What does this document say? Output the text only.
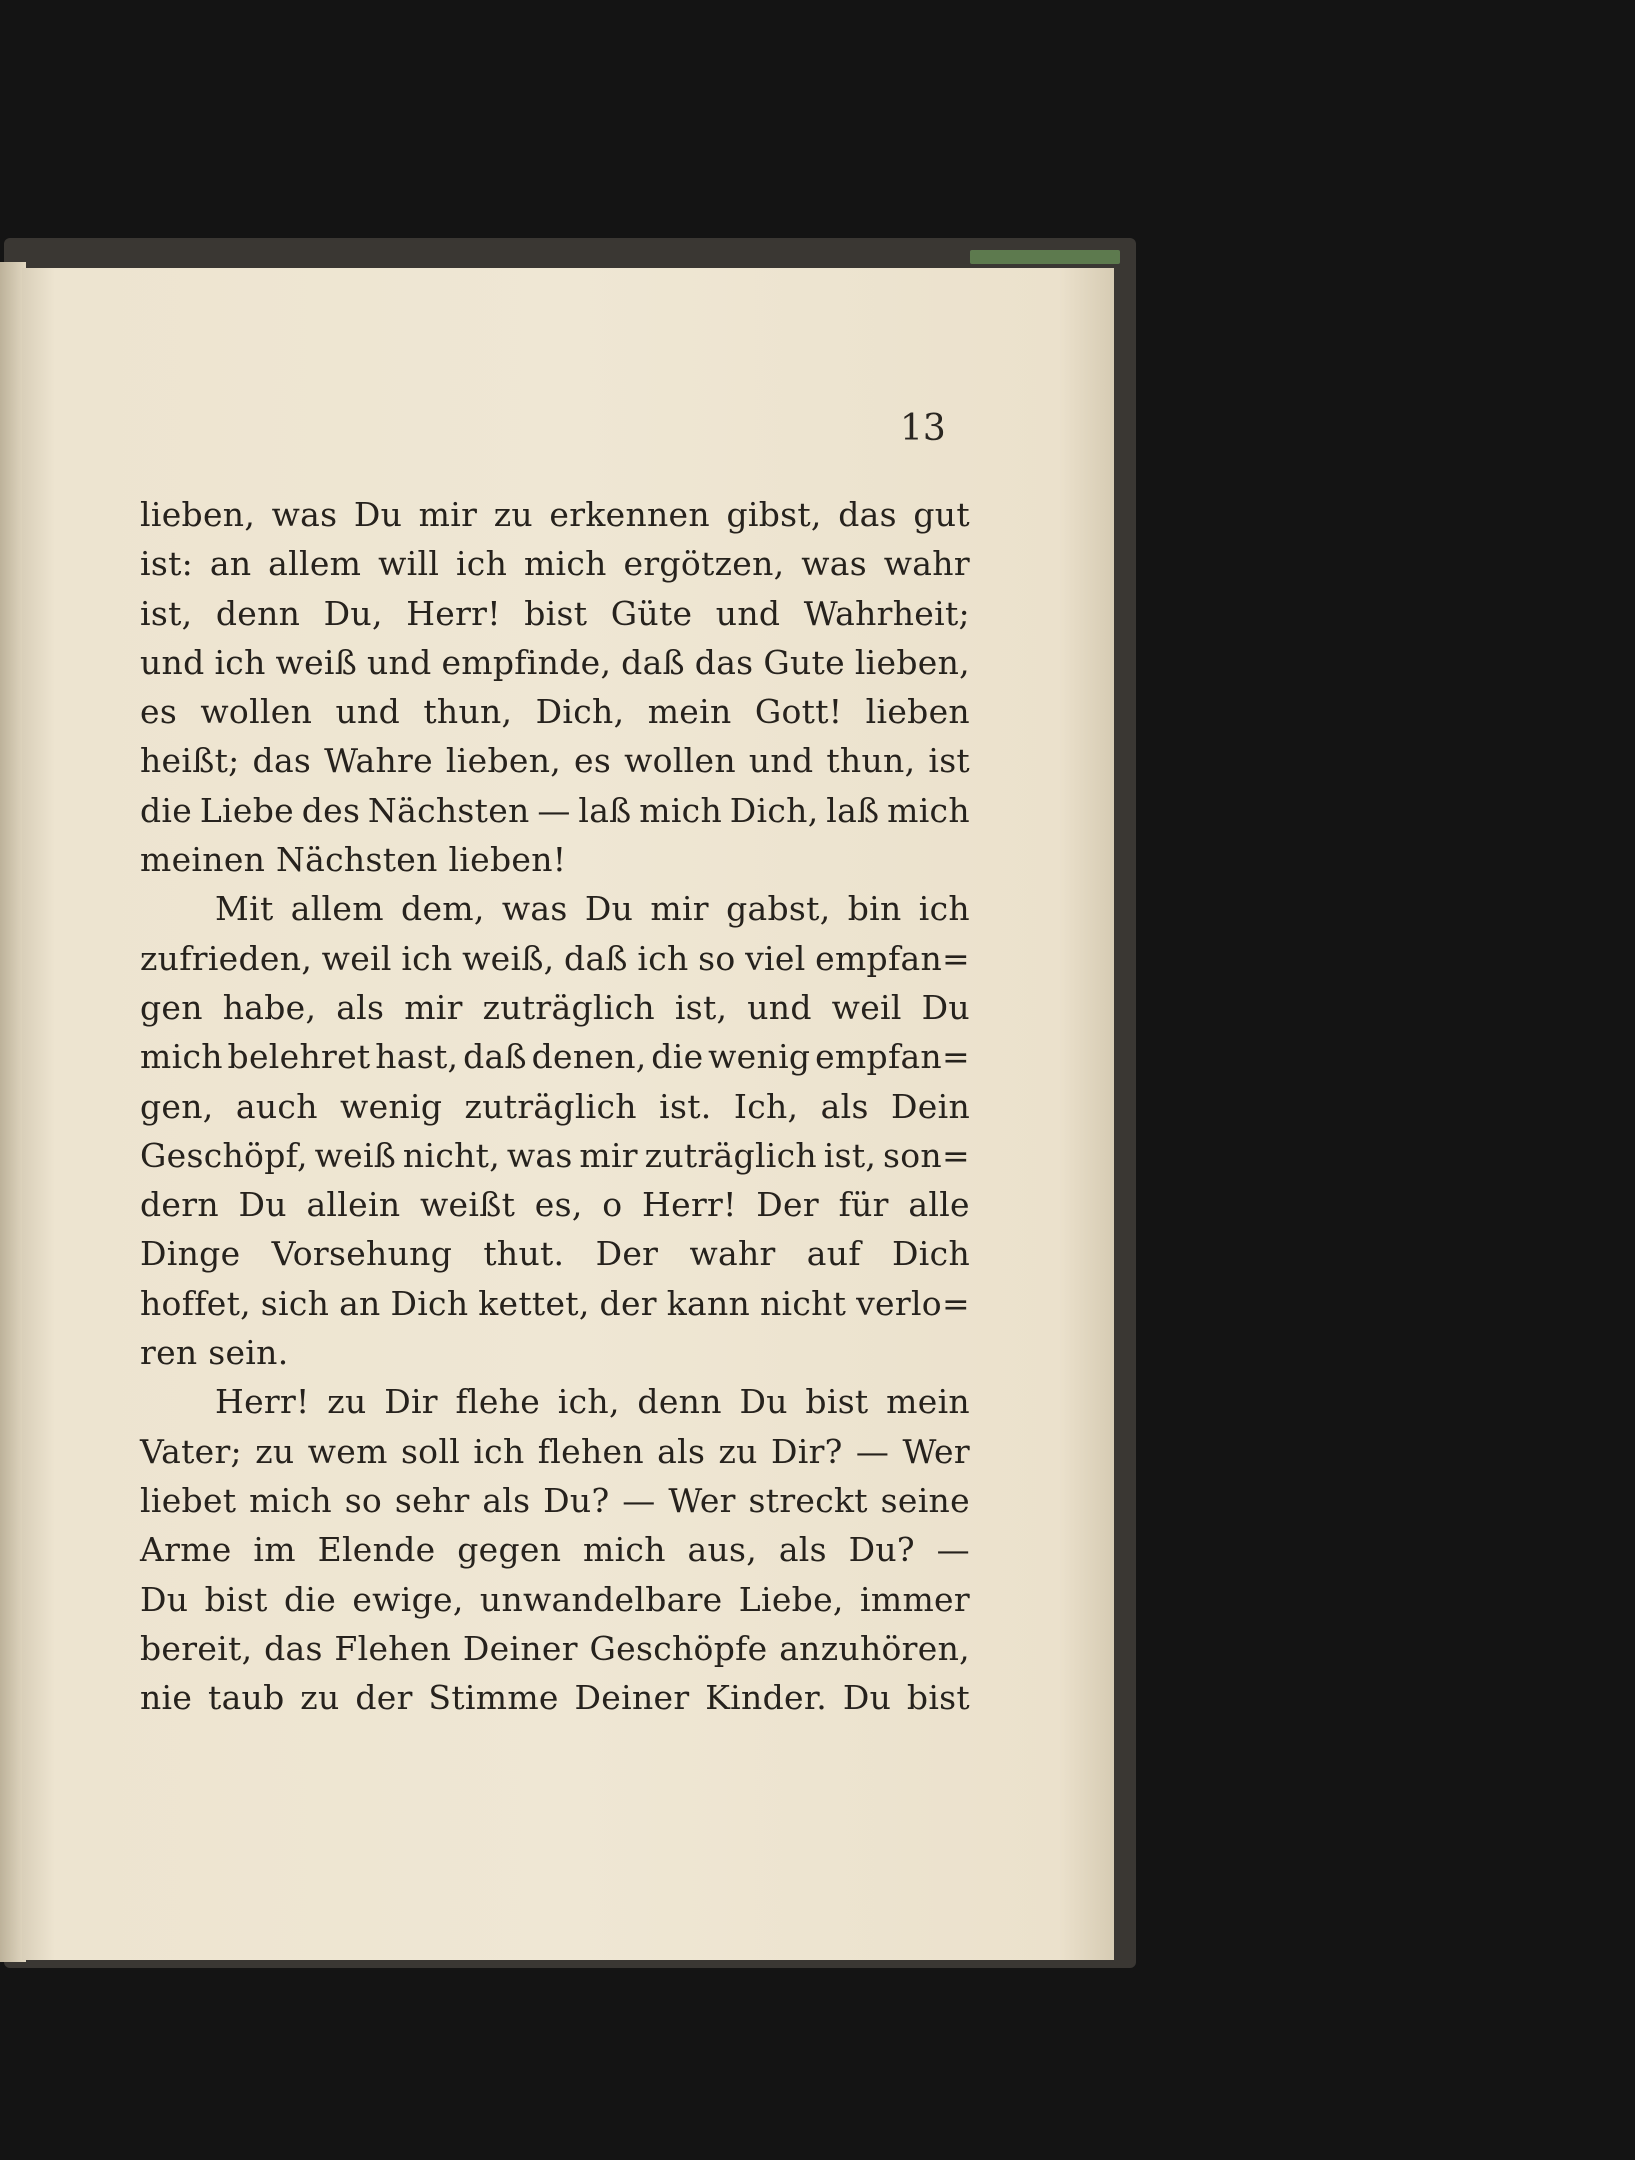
13
lieben, was Du mir zu erkennen gibst, das gut
ist: an allem will ich mich ergötzen, was wahr
ist, denn Du, Herr! bist Güte und Wahrheit;
und ich weiß und empfinde, daß das Gute lieben,
es wollen und thun, Dich, mein Gott! lieben
heißt; das Wahre lieben, es wollen und thun, ist
die Liebe des Nächsten — laß mich Dich, laß mich
meinen Nächsten lieben!
Mit allem dem, was Du mir gabst, bin ich
zufrieden, weil ich weiß, daß ich so viel empfan=
gen habe, als mir zuträglich ist, und weil Du
mich belehret hast, daß denen, die wenig empfan=
gen, auch wenig zuträglich ist. Ich, als Dein
Geschöpf, weiß nicht, was mir zuträglich ist, son=
dern Du allein weißt es, o Herr! Der für alle
Dinge Vorsehung thut. Der wahr auf Dich
hoffet, sich an Dich kettet, der kann nicht verlo=
ren sein.
Herr! zu Dir flehe ich, denn Du bist mein
Vater; zu wem soll ich flehen als zu Dir? — Wer
liebet mich so sehr als Du? — Wer streckt seine
Arme im Elende gegen mich aus, als Du? —
Du bist die ewige, unwandelbare Liebe, immer
bereit, das Flehen Deiner Geschöpfe anzuhören,
nie taub zu der Stimme Deiner Kinder. Du bist
